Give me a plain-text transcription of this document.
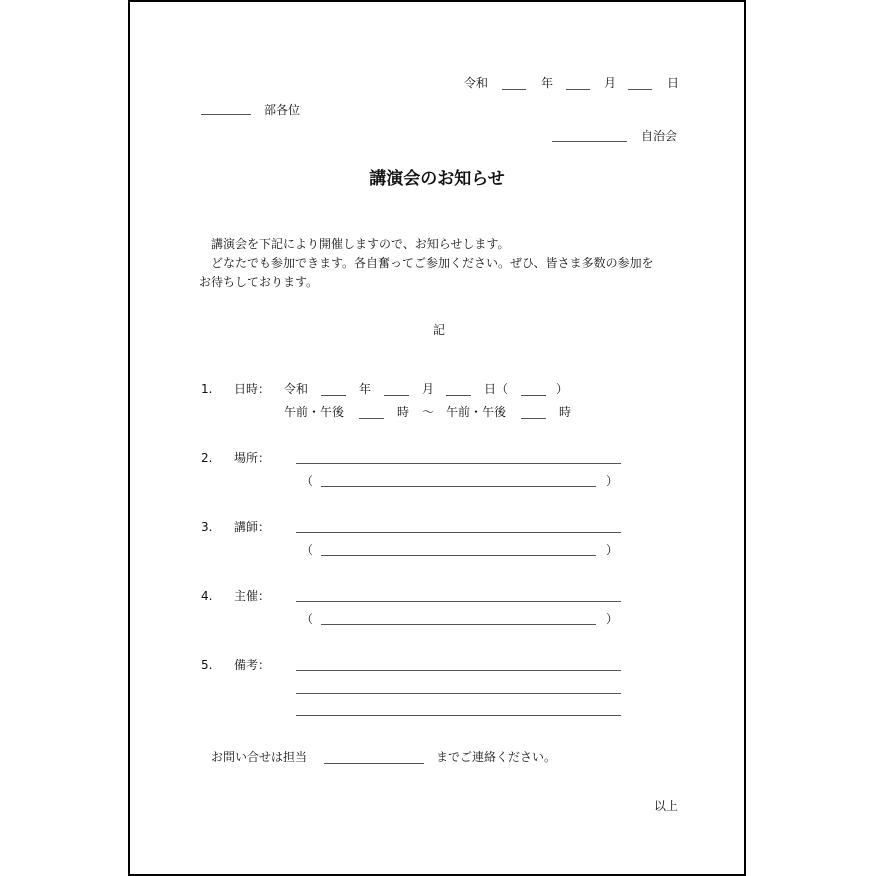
令和	年	月	日
部各位
自治会
講演会のお知らせ
講演会を下記により開催しますので、お知らせします。
どなたでも参加できます。各自奮ってご参加ください。ぜひ、皆さま多数の参加を
お待ちしております。
記
1. 日時： 令和	年	月	日（	）
午前・午後	時 ～ 午前・午後	時
2. 場所：
（	）
3. 講師：
（	）
4. 主催：
（	）
5. 備考：
お問い合せは担当	までご連絡ください。
以上
